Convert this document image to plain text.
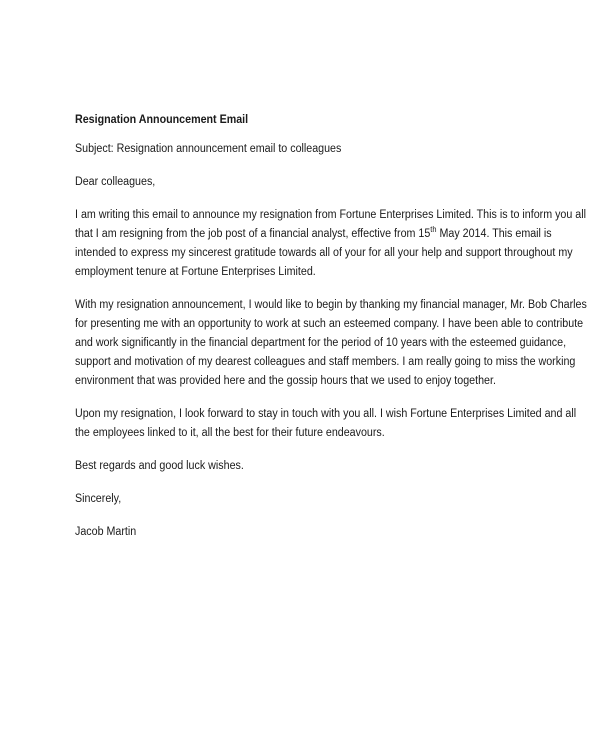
Resignation Announcement Email
Subject: Resignation announcement email to colleagues
Dear colleagues,
I am writing this email to announce my resignation from Fortune Enterprises Limited. This is to inform you all
that I am resigning from the job post of a financial analyst, effective from 15th May 2014. This email is
intended to express my sincerest gratitude towards all of your for all your help and support throughout my
employment tenure at Fortune Enterprises Limited.
With my resignation announcement, I would like to begin by thanking my financial manager, Mr. Bob Charles
for presenting me with an opportunity to work at such an esteemed company. I have been able to contribute
and work significantly in the financial department for the period of 10 years with the esteemed guidance,
support and motivation of my dearest colleagues and staff members. I am really going to miss the working
environment that was provided here and the gossip hours that we used to enjoy together.
Upon my resignation, I look forward to stay in touch with you all. I wish Fortune Enterprises Limited and all
the employees linked to it, all the best for their future endeavours.
Best regards and good luck wishes.
Sincerely,
Jacob Martin
